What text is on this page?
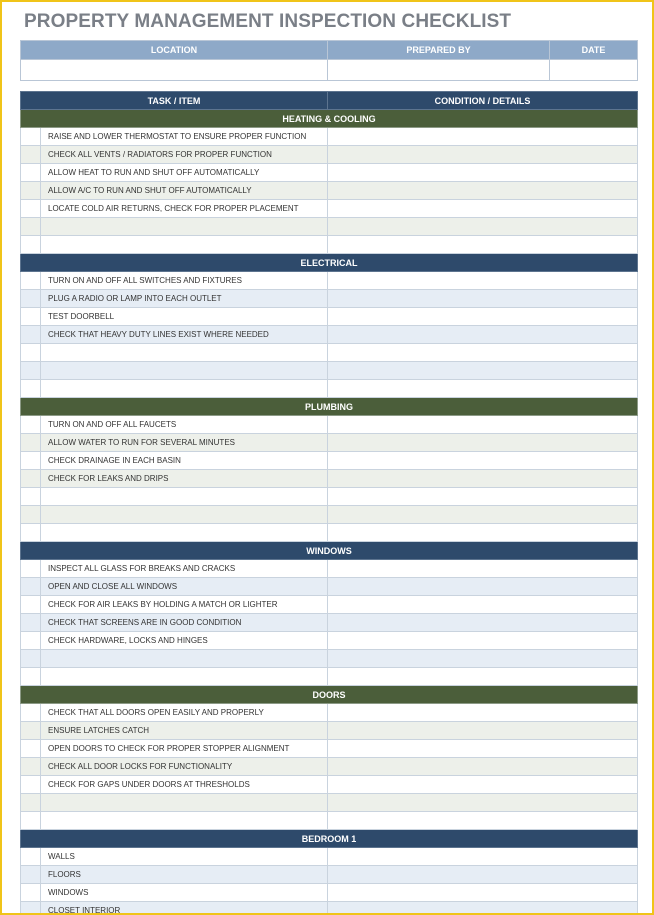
PROPERTY MANAGEMENT INSPECTION CHECKLIST
LOCATION	PREPARED BY	DATE

TASK / ITEM		CONDITION / DETAILS
HEATING & COOLING		
	RAISE AND LOWER THERMOSTAT TO ENSURE PROPER FUNCTION	
	CHECK ALL VENTS / RADIATORS FOR PROPER FUNCTION	
	ALLOW HEAT TO RUN AND SHUT OFF AUTOMATICALLY	
	ALLOW A/C TO RUN AND SHUT OFF AUTOMATICALLY	
	LOCATE COLD AIR RETURNS, CHECK FOR PROPER PLACEMENT	

ELECTRICAL		
	TURN ON AND OFF ALL SWITCHES AND FIXTURES	
	PLUG A RADIO OR LAMP INTO EACH OUTLET	
	TEST DOORBELL	
	CHECK THAT HEAVY DUTY LINES EXIST WHERE NEEDED	

PLUMBING		
	TURN ON AND OFF ALL FAUCETS	
	ALLOW WATER TO RUN FOR SEVERAL MINUTES	
	CHECK DRAINAGE IN EACH BASIN	
	CHECK FOR LEAKS AND DRIPS	

WINDOWS		
	INSPECT ALL GLASS FOR BREAKS AND CRACKS	
	OPEN AND CLOSE ALL WINDOWS	
	CHECK FOR AIR LEAKS BY HOLDING A MATCH OR LIGHTER	
	CHECK THAT SCREENS ARE IN GOOD CONDITION	
	CHECK HARDWARE, LOCKS AND HINGES	

DOORS		
	CHECK THAT ALL DOORS OPEN EASILY AND PROPERLY	
	ENSURE LATCHES CATCH	
	OPEN DOORS TO CHECK FOR PROPER STOPPER ALIGNMENT	
	CHECK ALL DOOR LOCKS FOR FUNCTIONALITY	
	CHECK FOR GAPS UNDER DOORS AT THRESHOLDS	

BEDROOM 1		
	WALLS	
	FLOORS	
	WINDOWS	
	CLOSET INTERIOR	
